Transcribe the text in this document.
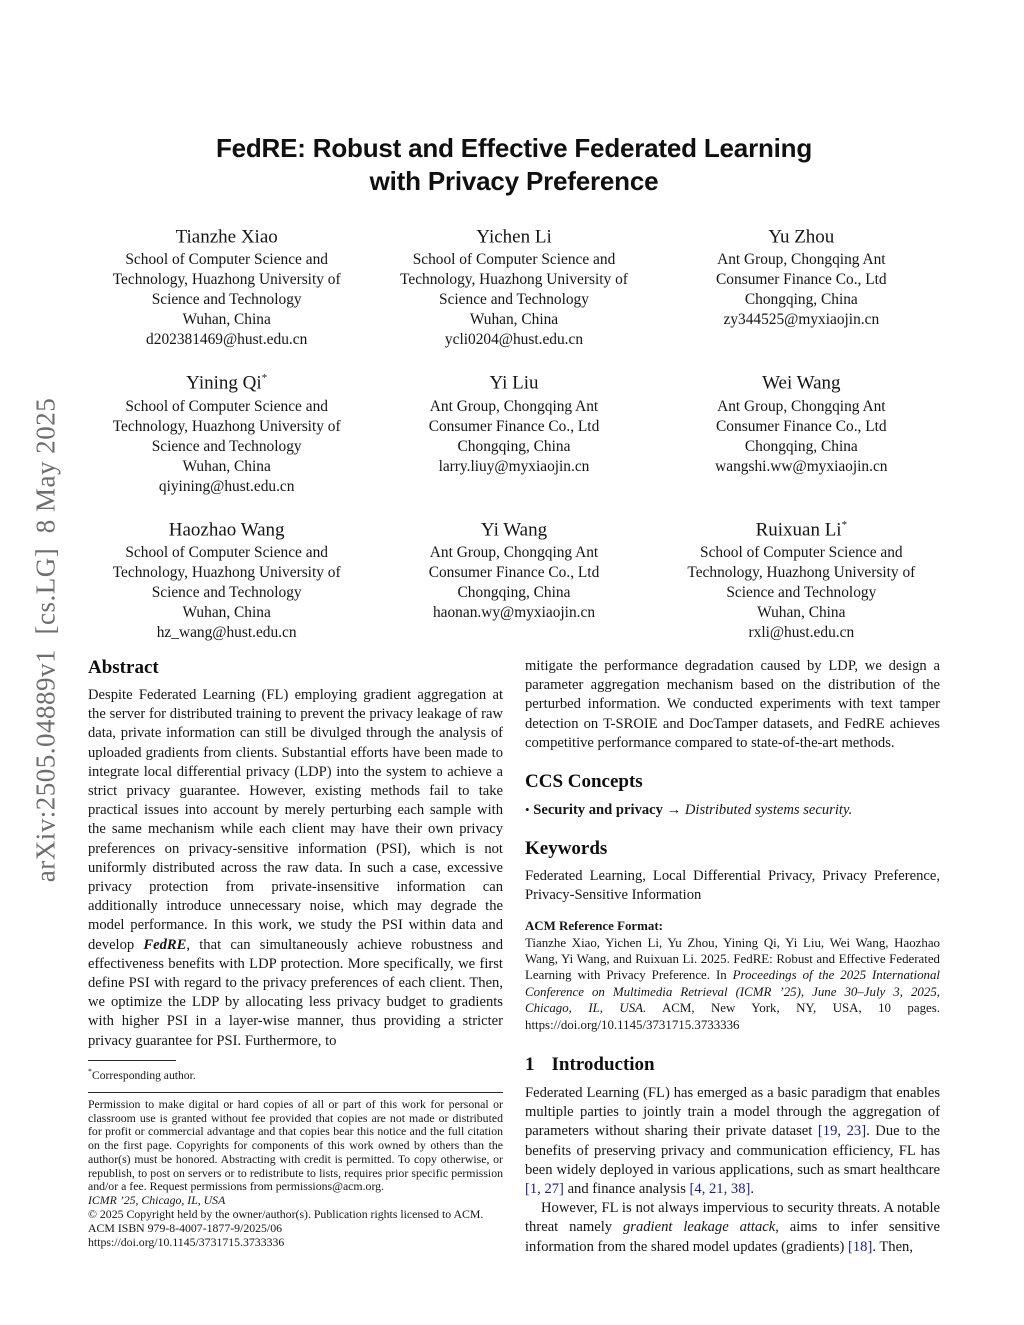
arXiv:2505.04889v1  [cs.LG]  8 May 2025
FedRE: Robust and Effective Federated Learning
with Privacy Preference
Tianzhe Xiao
School of Computer Science and
Technology, Huazhong University of
Science and Technology
Wuhan, China
d202381469@hust.edu.cn
Yichen Li
School of Computer Science and
Technology, Huazhong University of
Science and Technology
Wuhan, China
ycli0204@hust.edu.cn
Yu Zhou
Ant Group, Chongqing Ant
Consumer Finance Co., Ltd
Chongqing, China
zy344525@myxiaojin.cn
Yining Qi*
School of Computer Science and
Technology, Huazhong University of
Science and Technology
Wuhan, China
qiyining@hust.edu.cn
Yi Liu
Ant Group, Chongqing Ant
Consumer Finance Co., Ltd
Chongqing, China
larry.liuy@myxiaojin.cn
Wei Wang
Ant Group, Chongqing Ant
Consumer Finance Co., Ltd
Chongqing, China
wangshi.ww@myxiaojin.cn
Haozhao Wang
School of Computer Science and
Technology, Huazhong University of
Science and Technology
Wuhan, China
hz_wang@hust.edu.cn
Yi Wang
Ant Group, Chongqing Ant
Consumer Finance Co., Ltd
Chongqing, China
haonan.wy@myxiaojin.cn
Ruixuan Li*
School of Computer Science and
Technology, Huazhong University of
Science and Technology
Wuhan, China
rxli@hust.edu.cn
Abstract

Despite Federated Learning (FL) employing gradient aggregation at the server for distributed training to prevent the privacy leakage of raw data, private information can still be divulged through the analysis of uploaded gradients from clients. Substantial efforts have been made to integrate local differential privacy (LDP) into the system to achieve a strict privacy guarantee. However, existing methods fail to take practical issues into account by merely perturbing each sample with the same mechanism while each client may have their own privacy preferences on privacy-sensitive information (PSI), which is not uniformly distributed across the raw data. In such a case, excessive privacy protection from private-insensitive information can additionally introduce unnecessary noise, which may degrade the model performance. In this work, we study the PSI within data and develop FedRE, that can simultaneously achieve robustness and effectiveness benefits with LDP protection. More specifically, we first define PSI with regard to the privacy preferences of each client. Then, we optimize the LDP by allocating less privacy budget to gradients with higher PSI in a layer-wise manner, thus providing a stricter privacy guarantee for PSI. Furthermore, to

*Corresponding author.

Permission to make digital or hard copies of all or part of this work for personal or classroom use is granted without fee provided that copies are not made or distributed for profit or commercial advantage and that copies bear this notice and the full citation on the first page. Copyrights for components of this work owned by others than the author(s) must be honored. Abstracting with credit is permitted. To copy otherwise, or republish, to post on servers or to redistribute to lists, requires prior specific permission and/or a fee. Request permissions from permissions@acm.org.

ICMR ’25, Chicago, IL, USA

© 2025 Copyright held by the owner/author(s). Publication rights licensed to ACM.

ACM ISBN 979-8-4007-1877-9/2025/06

https://doi.org/10.1145/3731715.3733336

mitigate the performance degradation caused by LDP, we design a parameter aggregation mechanism based on the distribution of the perturbed information. We conducted experiments with text tamper detection on T-SROIE and DocTamper datasets, and FedRE achieves competitive performance compared to state-of-the-art methods.

CCS Concepts

• Security and privacy → Distributed systems security.

Keywords

Federated Learning, Local Differential Privacy, Privacy Preference, Privacy-Sensitive Information

ACM Reference Format:

Tianzhe Xiao, Yichen Li, Yu Zhou, Yining Qi, Yi Liu, Wei Wang, Haozhao Wang, Yi Wang, and Ruixuan Li. 2025. FedRE: Robust and Effective Federated Learning with Privacy Preference. In Proceedings of the 2025 International Conference on Multimedia Retrieval (ICMR ’25), June 30–July 3, 2025, Chicago, IL, USA. ACM, New York, NY, USA, 10 pages. https://doi.org/10.1145/3731715.3733336

1 Introduction

Federated Learning (FL) has emerged as a basic paradigm that enables multiple parties to jointly train a model through the aggregation of parameters without sharing their private dataset [19, 23]. Due to the benefits of preserving privacy and communication efficiency, FL has been widely deployed in various applications, such as smart healthcare [1, 27] and finance analysis [4, 21, 38].

However, FL is not always impervious to security threats. A notable threat namely gradient leakage attack, aims to infer sensitive information from the shared model updates (gradients) [18]. Then,
